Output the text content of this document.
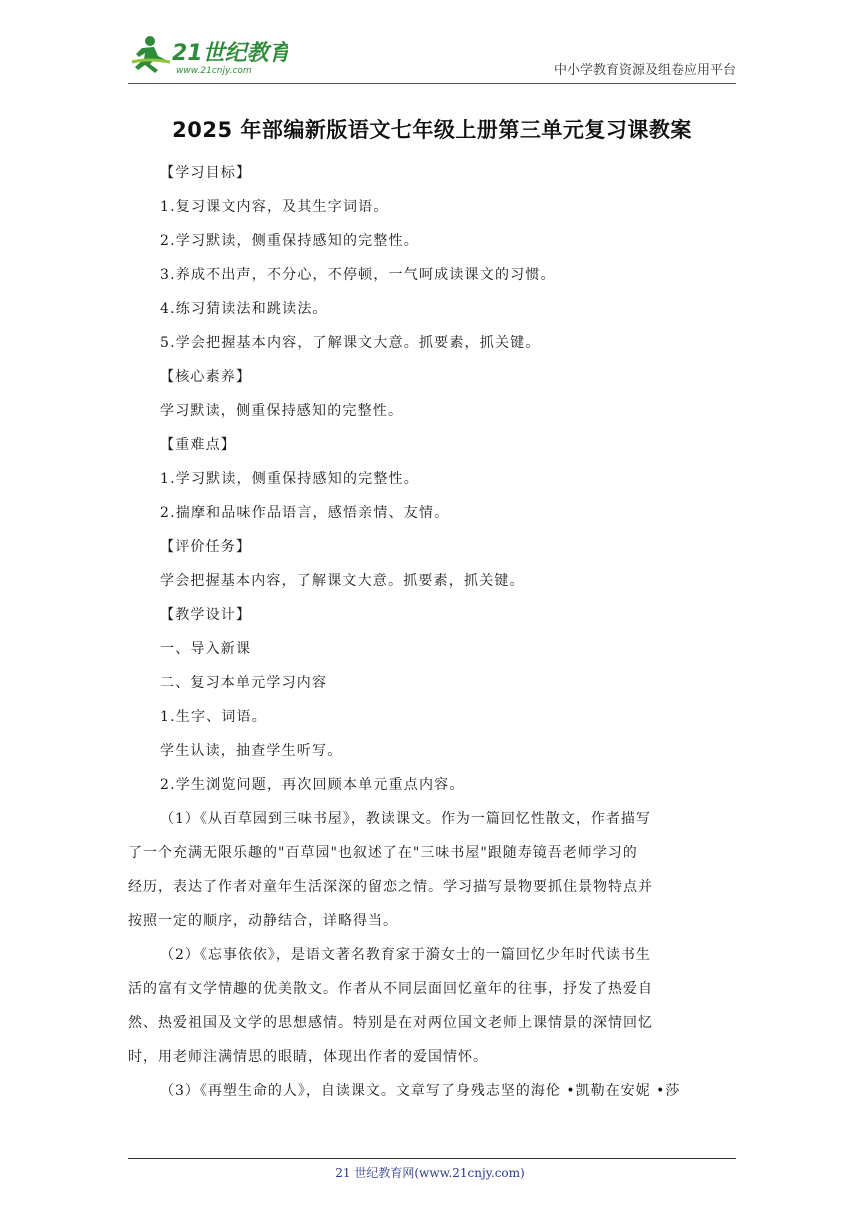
21世纪教育
www.21cnjy.com	中小学教育资源及组卷应用平台
2025 年部编新版语文七年级上册第三单元复习课教案
【学习目标】
1.复习课文内容，及其生字词语。
2.学习默读，侧重保持感知的完整性。
3.养成不出声，不分心，不停顿，一气呵成读课文的习惯。
4.练习猜读法和跳读法。
5.学会把握基本内容，了解课文大意。抓要素，抓关键。
【核心素养】
学习默读，侧重保持感知的完整性。
【重难点】
1.学习默读，侧重保持感知的完整性。
2.揣摩和品味作品语言，感悟亲情、友情。
【评价任务】
学会把握基本内容，了解课文大意。抓要素，抓关键。
【教学设计】
一、导入新课
二、复习本单元学习内容
1.生字、词语。
学生认读，抽查学生听写。
2.学生浏览问题，再次回顾本单元重点内容。
（1）《从百草园到三味书屋》，教读课文。作为一篇回忆性散文，作者描写
了一个充满无限乐趣的"百草园"也叙述了在"三味书屋"跟随寿镜吾老师学习的
经历，表达了作者对童年生活深深的留恋之情。学习描写景物要抓住景物特点并
按照一定的顺序，动静结合，详略得当。
（2）《忘事依依》，是语文著名教育家于漪女士的一篇回忆少年时代读书生
活的富有文学情趣的优美散文。作者从不同层面回忆童年的往事，抒发了热爱自
然、热爱祖国及文学的思想感情。特别是在对两位国文老师上课情景的深情回忆
时，用老师注满情思的眼睛，体现出作者的爱国情怀。
（3）《再塑生命的人》，自读课文。文章写了身残志坚的海伦 •凯勒在安妮 •莎
21 世纪教育网(www.21cnjy.com)
